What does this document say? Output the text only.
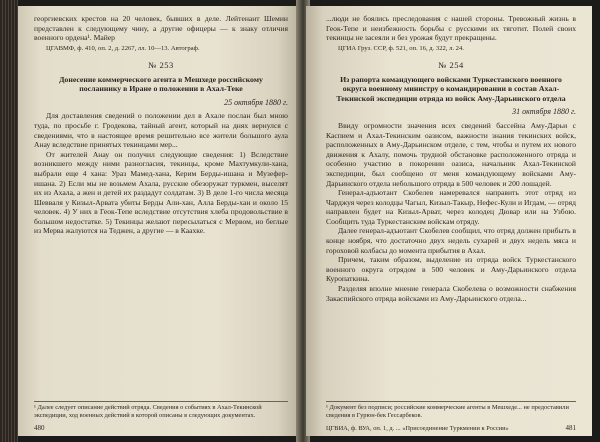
георгиевских крестов на 20 человек, бывших в деле. Лейтенант Шемин представлен к следующему чину, а другие офицеры — к знаку отличия военного ордена¹. Майер

ЦГАВМФ, ф. 410, оп. 2, д. 2267, лл. 10—13. Автограф.

№ 253
Донесение коммерческого агента в Мешхеде российскому посланнику в Иране о положении в Ахал-Теке
25 октября 1880 г.

Для доставления сведений о положении дел в Ахале послан был мною туда, по просьбе г. Гродекова, тайный агент, который на днях вернулся с сведениями, что в настоящее время решительно все жители большого аула Анау вследствие принятых текинцами мер...

От жителей Анау он получил следующие сведения: 1) Вследствие возникшего между ними разногласия, текинцы, кроме Махтумкули-хана, выбрали еще 4 хана: Ураз Мамед-хана, Керим Берды-ишана и Музефер-ишана. 2) Если мы не возьмем Ахала, русские обезоружат туркмен, выселят их из Ахала, а жен и детей их раздадут солдатам. 3) В деле 1-го числа месяца Шевваля у Кизыл-Арвата убиты Берды Али-хан, Алла Берды-хан и около 15 человек. 4) У них в Геок-Тепе вследствие отсутствия хлеба продовольствие в большом недостатке. 5) Текинцы желают пересылаться с Мервом, но беглые из Мерва жалуются на Теджен, а другие — в Каахке.

¹ Далее следует описание действий отряда. Сведения о событиях в Ахал-Текинской экспедиции, ход военных действий в которой описаны в следующих документах.
480

...люди не боялись преследования с нашей стороны. Тревожный жизнь в Геок-Тепе и неизбежность борьбы с русскими их тяготит. Полей своих текинцы не засеяли и без урожая будут прекращены.

ЦГИА Груз. ССР, ф. 521, оп. 16, д. 322, л. 24.

№ 254
Из рапорта командующего войсками Туркестанского военного округа военному министру о командировании в состав Ахал-Текинской экспедиции отряда из войск Аму-Дарьинского отдела
31 октября 1880 г.

Ввиду огромности значения всех сведений бассейна Аму-Дарьи с Каспием и Ахал-Текинским оазисом, важности знания текинских войск, расположенных в Аму-Дарьинском отделе, с тем, чтобы и путем их нового движения к Ахалу, помочь трудной обстановке расположенного отряда и особенно участию в покорении оазиса, начальник Ахал-Текинской экспедиции, был сообщено от меня командующему войсками Аму-Дарьинского отдела небольшого отряда в 500 человек и 200 лошадей.

Генерал-адъютант Скобелев намеревался направить этот отряд из Чарджуя через колодцы Чагыл, Кизыл-Такыр, Нефес-Кули и Игдам, — отряд направлен будет на Кизыл-Арват, через колодец Дювар или на Узбою. Сообщить туда Туркестанским войскам отряду.

Далее генерал-адъютант Скобелев сообщил, что отряд должен прибыть в конце ноября, что достаточно двух недель сухарей и двух недель мяса и гороховой колбасы до момента прибытия в Ахал.

Причем, таким образом, выделение из отряда войск Туркестанского военного округа отрядом в 500 человек и Аму-Дарьинского отдела Куропаткина.

Разделяя вполне мнение генерала Скобелева о возможности снабжения Закаспийского отряда войсками из Аму-Дарьинского отдела...

¹ Документ без подписи; российские коммерческие агенты в Мешхеде... не предоставили сведения в Гурюн-бек Гессарбеков.
ЦГВИА, ф. ВУА, оп. 1, д. ... «Присоединение Туркмении к России»	481
